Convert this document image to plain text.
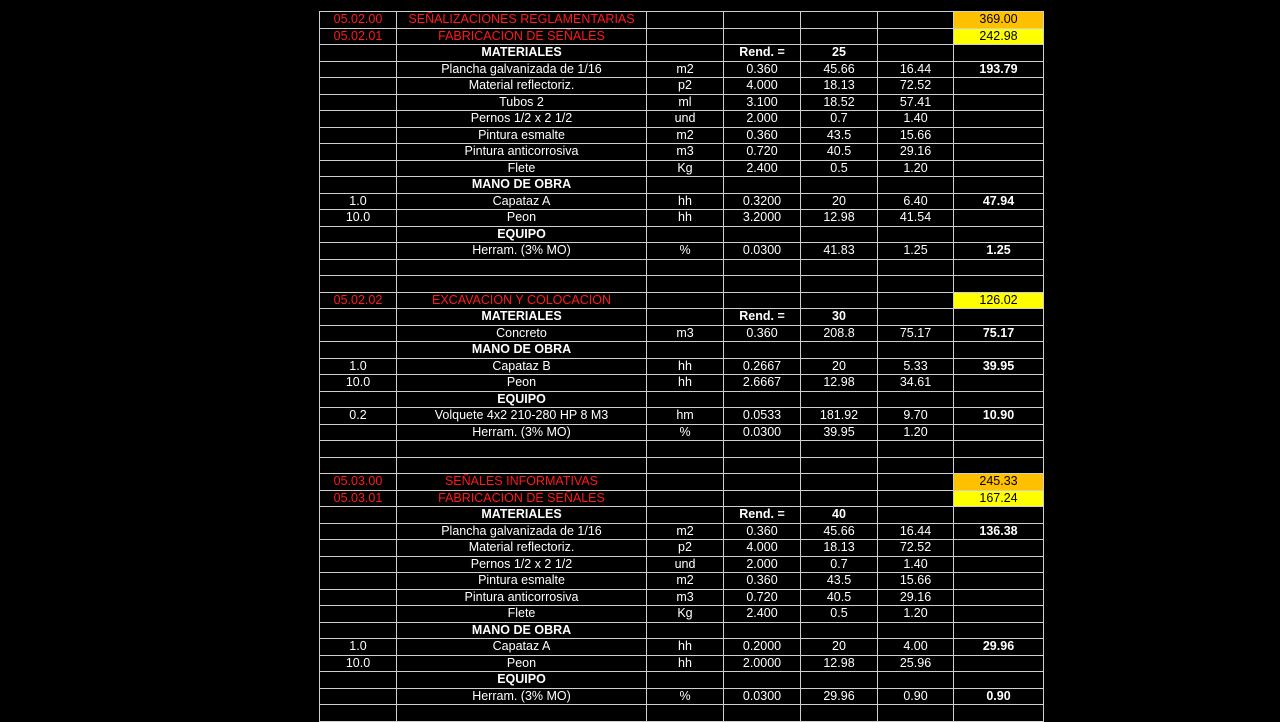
05.02.00	SEÑALIZACIONES REGLAMENTARIAS					369.00
05.02.01	FABRICACION DE SEÑALES					242.98
	MATERIALES		Rend. =	25		
	Plancha galvanizada de 1/16	m2	0.360	45.66	16.44	193.79
	Material reflectoriz.	p2	4.000	18.13	72.52	
	Tubos 2	ml	3.100	18.52	57.41	
	Pernos 1/2 x 2 1/2	und	2.000	0.7	1.40	
	Pintura esmalte	m2	0.360	43.5	15.66	
	Pintura anticorrosiva	m3	0.720	40.5	29.16	
	Flete	Kg	2.400	0.5	1.20	
	MANO DE OBRA					
1.0	Capataz A	hh	0.3200	20	6.40	47.94
10.0	Peon	hh	3.2000	12.98	41.54	
	EQUIPO					
	Herram. (3% MO)	%	0.0300	41.83	1.25	1.25

05.02.02	EXCAVACION Y COLOCACION					126.02
	MATERIALES		Rend. =	30		
	Concreto	m3	0.360	208.8	75.17	75.17
	MANO DE OBRA					
1.0	Capataz B	hh	0.2667	20	5.33	39.95
10.0	Peon	hh	2.6667	12.98	34.61	
	EQUIPO					
0.2	Volquete 4x2 210-280 HP 8 M3	hm	0.0533	181.92	9.70	10.90
	Herram. (3% MO)	%	0.0300	39.95	1.20	

05.03.00	SEÑALES INFORMATIVAS					245.33
05.03.01	FABRICACION DE SEÑALES					167.24
	MATERIALES		Rend. =	40		
	Plancha galvanizada de 1/16	m2	0.360	45.66	16.44	136.38
	Material reflectoriz.	p2	4.000	18.13	72.52	
	Pernos 1/2 x 2 1/2	und	2.000	0.7	1.40	
	Pintura esmalte	m2	0.360	43.5	15.66	
	Pintura anticorrosiva	m3	0.720	40.5	29.16	
	Flete	Kg	2.400	0.5	1.20	
	MANO DE OBRA					
1.0	Capataz A	hh	0.2000	20	4.00	29.96
10.0	Peon	hh	2.0000	12.98	25.96	
	EQUIPO					
	Herram. (3% MO)	%	0.0300	29.96	0.90	0.90
